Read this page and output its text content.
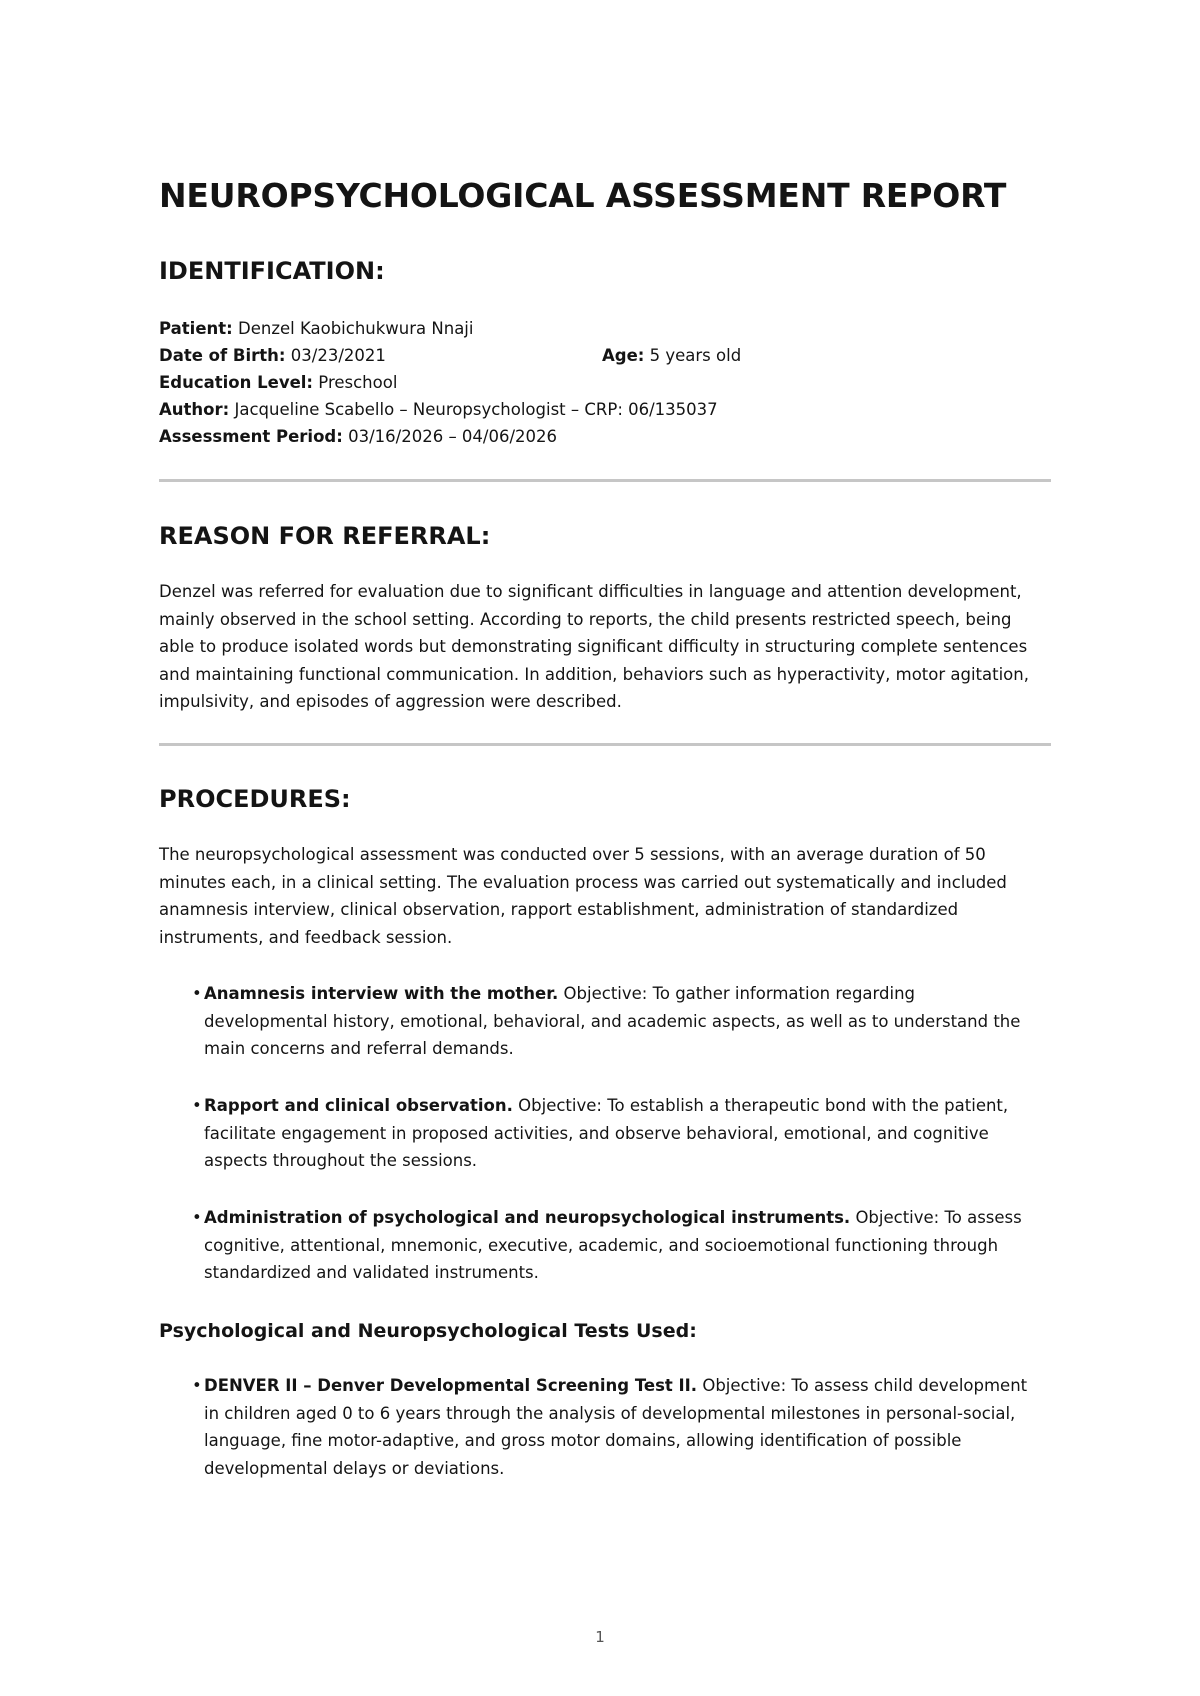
NEUROPSYCHOLOGICAL ASSESSMENT REPORT
IDENTIFICATION:
Patient: Denzel Kaobichukwura Nnaji
Date of Birth: 03/23/2021	Age: 5 years old
Education Level: Preschool
Author: Jacqueline Scabello – Neuropsychologist – CRP: 06/135037
Assessment Period: 03/16/2026 – 04/06/2026
REASON FOR REFERRAL:

Denzel was referred for evaluation due to significant difficulties in language and attention development, mainly observed in the school setting. According to reports, the child presents restricted speech, being able to produce isolated words but demonstrating significant difficulty in structuring complete sentences and maintaining functional communication. In addition, behaviors such as hyperactivity, motor agitation, impulsivity, and episodes of aggression were described.

PROCEDURES:

The neuropsychological assessment was conducted over 5 sessions, with an average duration of 50 minutes each, in a clinical setting. The evaluation process was carried out systematically and included anamnesis interview, clinical observation, rapport establishment, administration of standardized instruments, and feedback session.

• Anamnesis interview with the mother. Objective: To gather information regarding developmental history, emotional, behavioral, and academic aspects, as well as to understand the main concerns and referral demands.
• Rapport and clinical observation. Objective: To establish a therapeutic bond with the patient, facilitate engagement in proposed activities, and observe behavioral, emotional, and cognitive aspects throughout the sessions.
• Administration of psychological and neuropsychological instruments. Objective: To assess cognitive, attentional, mnemonic, executive, academic, and socioemotional functioning through standardized and validated instruments.
Psychological and Neuropsychological Tests Used:
• DENVER II – Denver Developmental Screening Test II. Objective: To assess child development in children aged 0 to 6 years through the analysis of developmental milestones in personal-social, language, fine motor-adaptive, and gross motor domains, allowing identification of possible developmental delays or deviations.
1
